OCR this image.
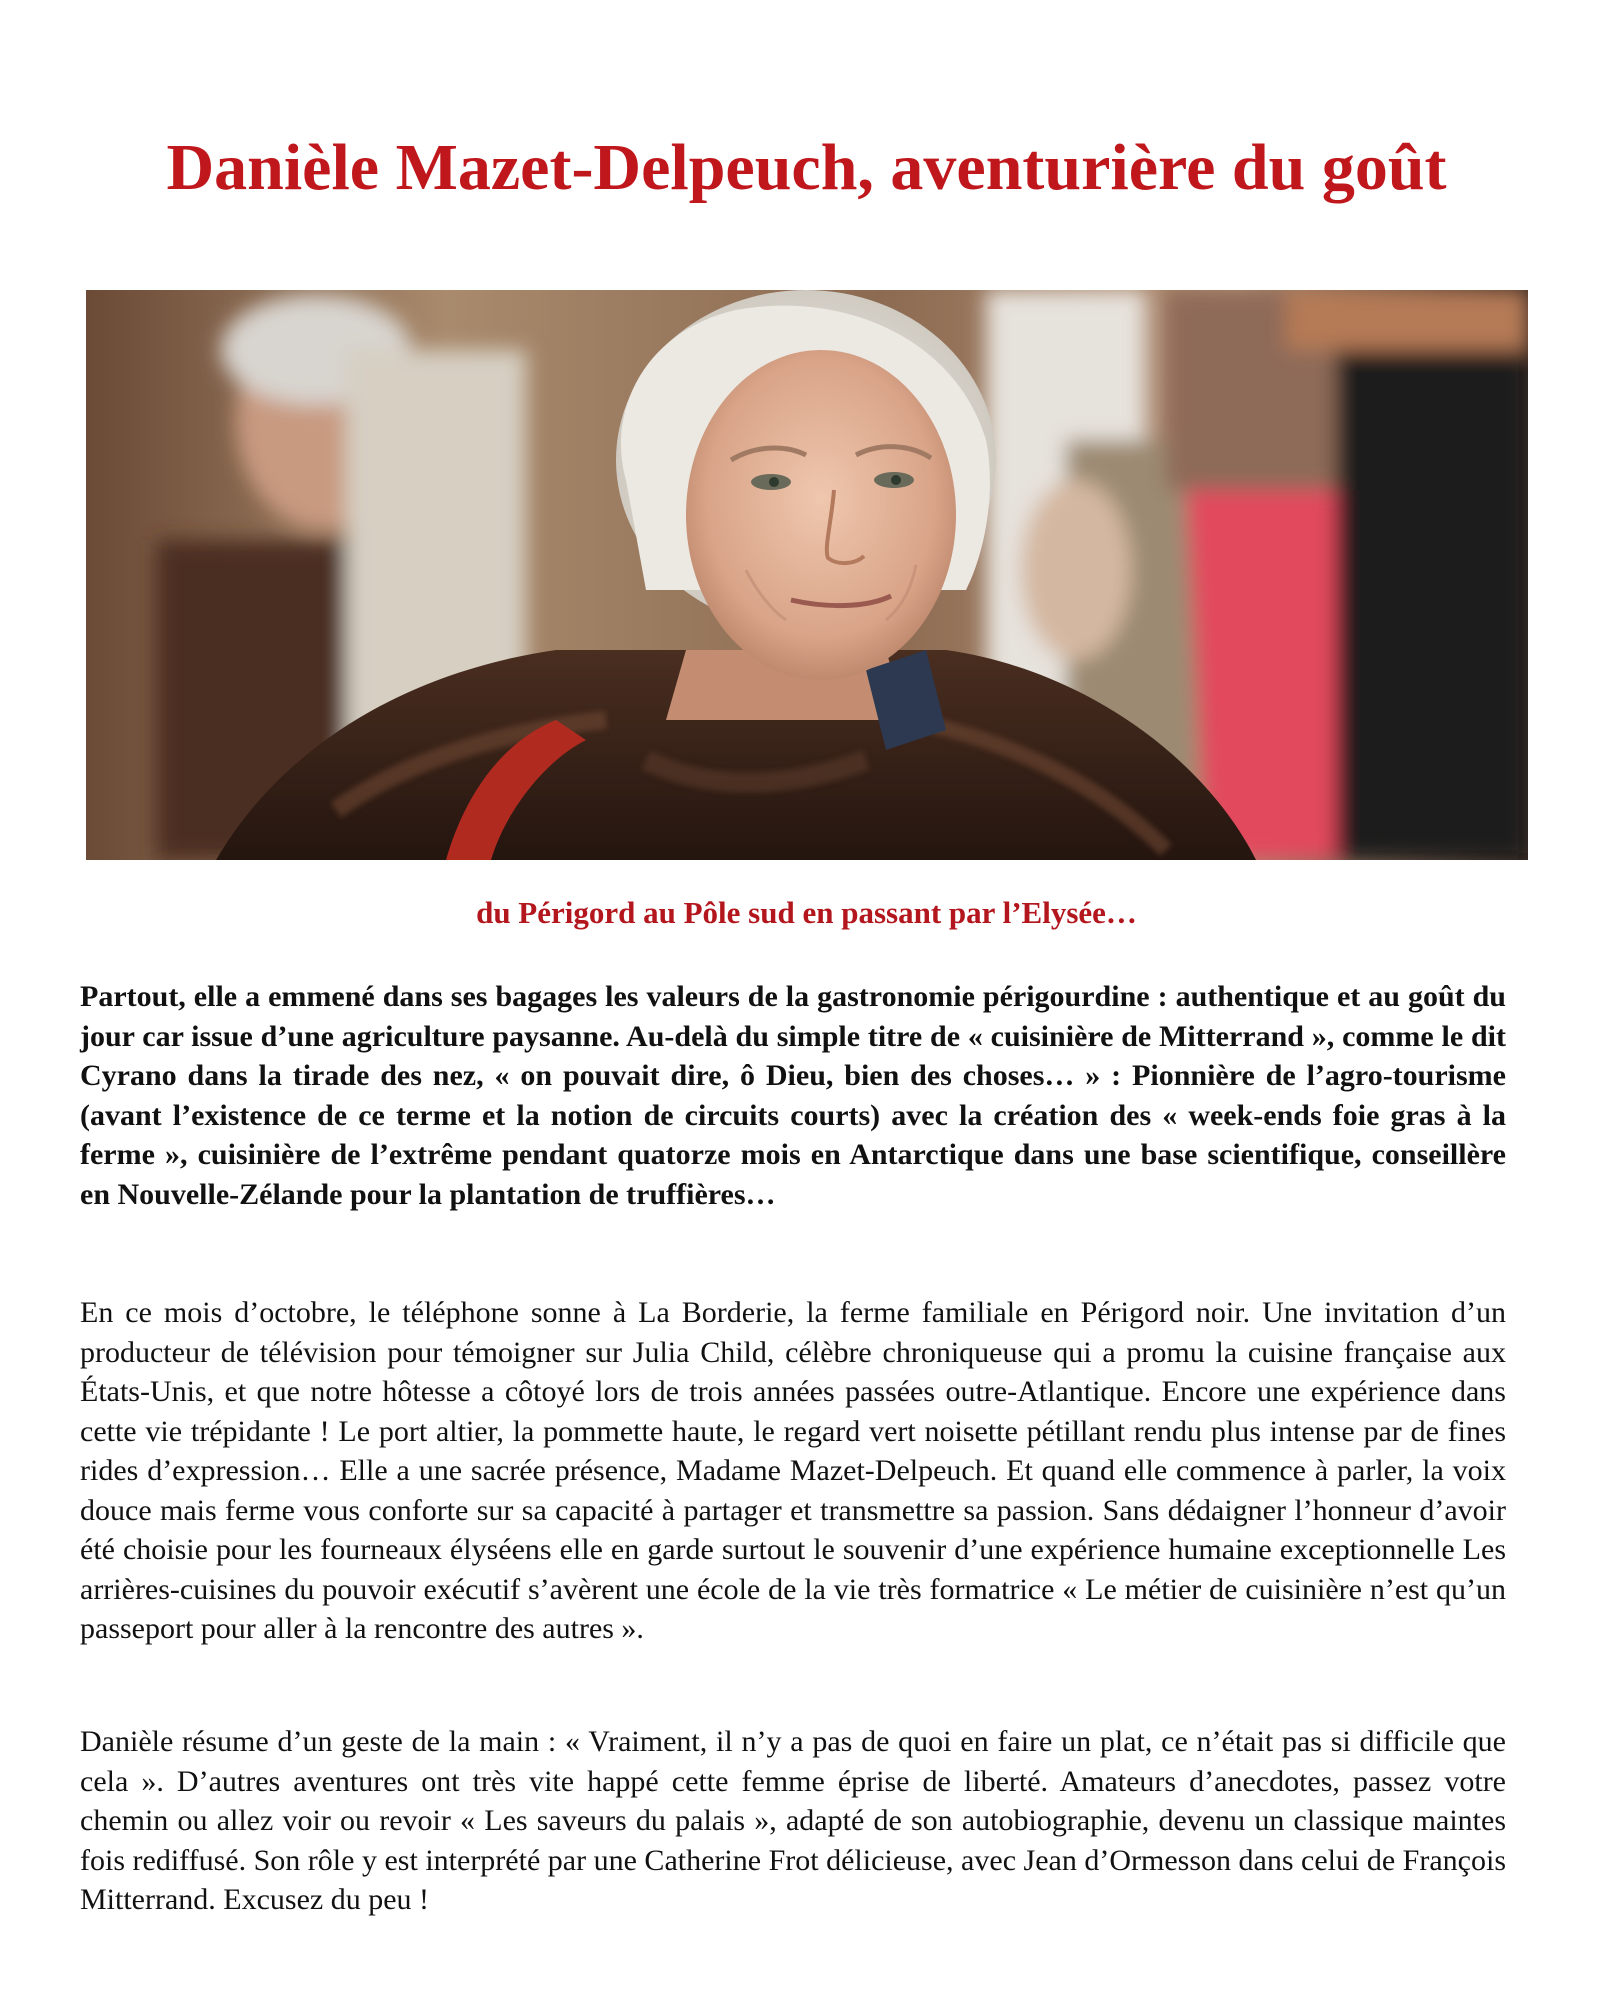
Danièle Mazet-Delpeuch, aventurière du goût
du Périgord au Pôle sud en passant par l’Elysée…

Partout, elle a emmené dans ses bagages les valeurs de la gastronomie périgourdine : authentique et au goût du jour car issue d’une agriculture paysanne. Au-delà du simple titre de « cuisinière de Mitterrand », comme le dit Cyrano dans la tirade des nez, « on pouvait dire, ô Dieu, bien des choses… » : Pionnière de l’agro-tourisme (avant l’existence de ce terme et la notion de circuits courts) avec la création des « week-ends foie gras à la ferme », cuisinière de l’extrême pendant quatorze mois en Antarctique dans une base scientifique, conseillère en Nouvelle-Zélande pour la plantation de truffières…

En ce mois d’octobre, le téléphone sonne à La Borderie, la ferme familiale en Périgord noir. Une invitation d’un producteur de télévision pour témoigner sur Julia Child, célèbre chroniqueuse qui a promu la cuisine française aux États-Unis, et que notre hôtesse a côtoyé lors de trois années passées outre-Atlantique. Encore une expérience dans cette vie trépidante ! Le port altier, la pommette haute, le regard vert noisette pétillant rendu plus intense par de fines rides d’expression… Elle a une sacrée présence, Madame Mazet-Delpeuch. Et quand elle commence à parler, la voix douce mais ferme vous conforte sur sa capacité à partager et transmettre sa passion. Sans dédaigner l’honneur d’avoir été choisie pour les fourneaux élyséens elle en garde surtout le souvenir d’une expérience humaine exceptionnelle Les arrières-cuisines du pouvoir exécutif s’avèrent une école de la vie très formatrice « Le métier de cuisinière n’est qu’un passeport pour aller à la rencontre des autres ».

Danièle résume d’un geste de la main : « Vraiment, il n’y a pas de quoi en faire un plat, ce n’était pas si difficile que cela ». D’autres aventures ont très vite happé cette femme éprise de liberté. Amateurs d’anecdotes, passez votre chemin ou allez voir ou revoir « Les saveurs du palais », adapté de son autobiographie, devenu un classique maintes fois rediffusé. Son rôle y est interprété par une Catherine Frot délicieuse, avec Jean d’Ormesson dans celui de François Mitterrand. Excusez du peu !
